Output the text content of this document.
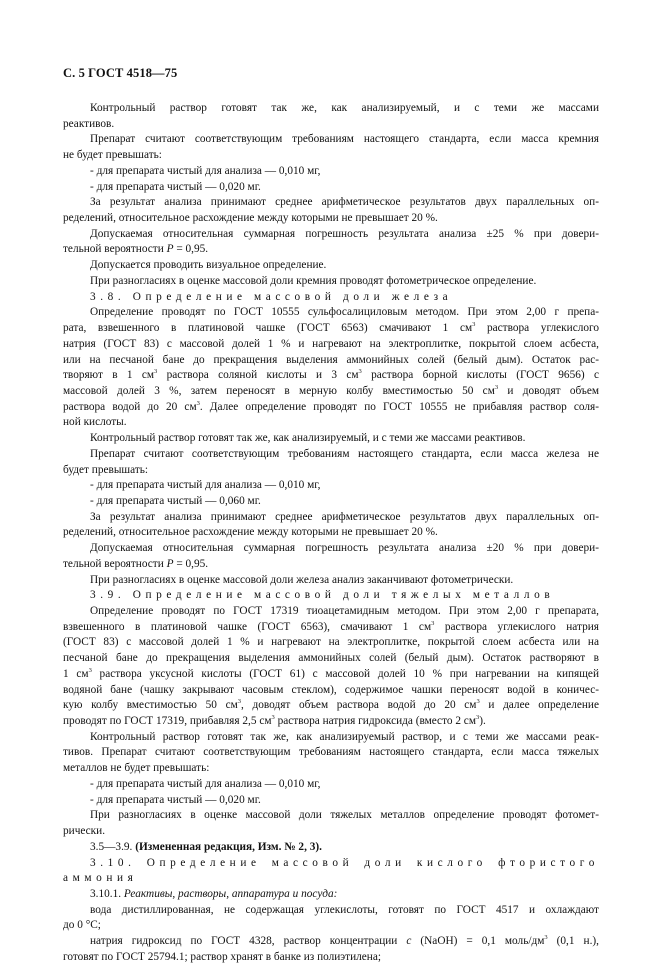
С. 5 ГОСТ 4518—75
Контрольный раствор готовят так же, как анализируемый, и с теми же массами
реактивов.
Препарат считают соответствующим требованиям настоящего стандарта, если масса кремния
не будет превышать:
- для препарата чистый для анализа — 0,010 мг,
- для препарата чистый — 0,020 мг.
За результат анализа принимают среднее арифметическое результатов двух параллельных оп-
ределений, относительное расхождение между которыми не превышает 20 %.
Допускаемая относительная суммарная погрешность результата анализа ±25 % при довери-
тельной вероятности P = 0,95.
Допускается проводить визуальное определение.
При разногласиях в оценке массовой доли кремния проводят фотометрическое определение.
3.8. Определение массовой доли железа
Определение проводят по ГОСТ 10555 сульфосалициловым методом. При этом 2,00 г препа-
рата, взвешенного в платиновой чашке (ГОСТ 6563) смачивают 1 $см^3$ раствора углекислого
натрия (ГОСТ 83) с массовой долей 1 % и нагревают на электроплитке, покрытой слоем асбеста,
или на песчаной бане до прекращения выделения аммонийных солей (белый дым). Остаток рас-
творяют в 1 $см^3$ раствора соляной кислоты и 3 $см^3$ раствора борной кислоты (ГОСТ 9656) с
массовой долей 3 %, затем переносят в мерную колбу вместимостью 50 $см^3$ и доводят объем
раствора водой до 20 $см^3$. Далее определение проводят по ГОСТ 10555 не прибавляя раствор соля-
ной кислоты.
Контрольный раствор готовят так же, как анализируемый, и с теми же массами реактивов.
Препарат считают соответствующим требованиям настоящего стандарта, если масса железа не
будет превышать:
- для препарата чистый для анализа — 0,010 мг,
- для препарата чистый — 0,060 мг.
За результат анализа принимают среднее арифметическое результатов двух параллельных оп-
ределений, относительное расхождение между которыми не превышает 20 %.
Допускаемая относительная суммарная погрешность результата анализа ±20 % при довери-
тельной вероятности P = 0,95.
При разногласиях в оценке массовой доли железа анализ заканчивают фотометрически.
3.9. Определение массовой доли тяжелых металлов
Определение проводят по ГОСТ 17319 тиоацетамидным методом. При этом 2,00 г препарата,
взвешенного в платиновой чашке (ГОСТ 6563), смачивают 1 $см^3$ раствора углекислого натрия
(ГОСТ 83) с массовой долей 1 % и нагревают на электроплитке, покрытой слоем асбеста или на
песчаной бане до прекращения выделения аммонийных солей (белый дым). Остаток растворяют в
1 $см^3$ раствора уксусной кислоты (ГОСТ 61) с массовой долей 10 % при нагревании на кипящей
водяной бане (чашку закрывают часовым стеклом), содержимое чашки переносят водой в коничес-
кую колбу вместимостью 50 $см^3$, доводят объем раствора водой до 20 $см^3$ и далее определение
проводят по ГОСТ 17319, прибавляя 2,5 $см^3$ раствора натрия гидроксида (вместо 2 $см^3$).
Контрольный раствор готовят так же, как анализируемый раствор, и с теми же массами реак-
тивов. Препарат считают соответствующим требованиям настоящего стандарта, если масса тяжелых
металлов не будет превышать:
- для препарата чистый для анализа — 0,010 мг,
- для препарата чистый — 0,020 мг.
При разногласиях в оценке массовой доли тяжелых металлов определение проводят фотомет-
рически.
3.5—3.9. (Измененная редакция, Изм. № 2, 3).
3.10. Определение массовой доли кислого фтористого
аммония
3.10.1. Реактивы, растворы, аппаратура и посуда:
вода дистиллированная, не содержащая углекислоты, готовят по ГОСТ 4517 и охлаждают
до 0 °С;
натрия гидроксид по ГОСТ 4328, раствор концентрации c (NaOH) = 0,1 моль/$дм^3$ (0,1 н.),
готовят по ГОСТ 25794.1; раствор хранят в банке из полиэтилена;
